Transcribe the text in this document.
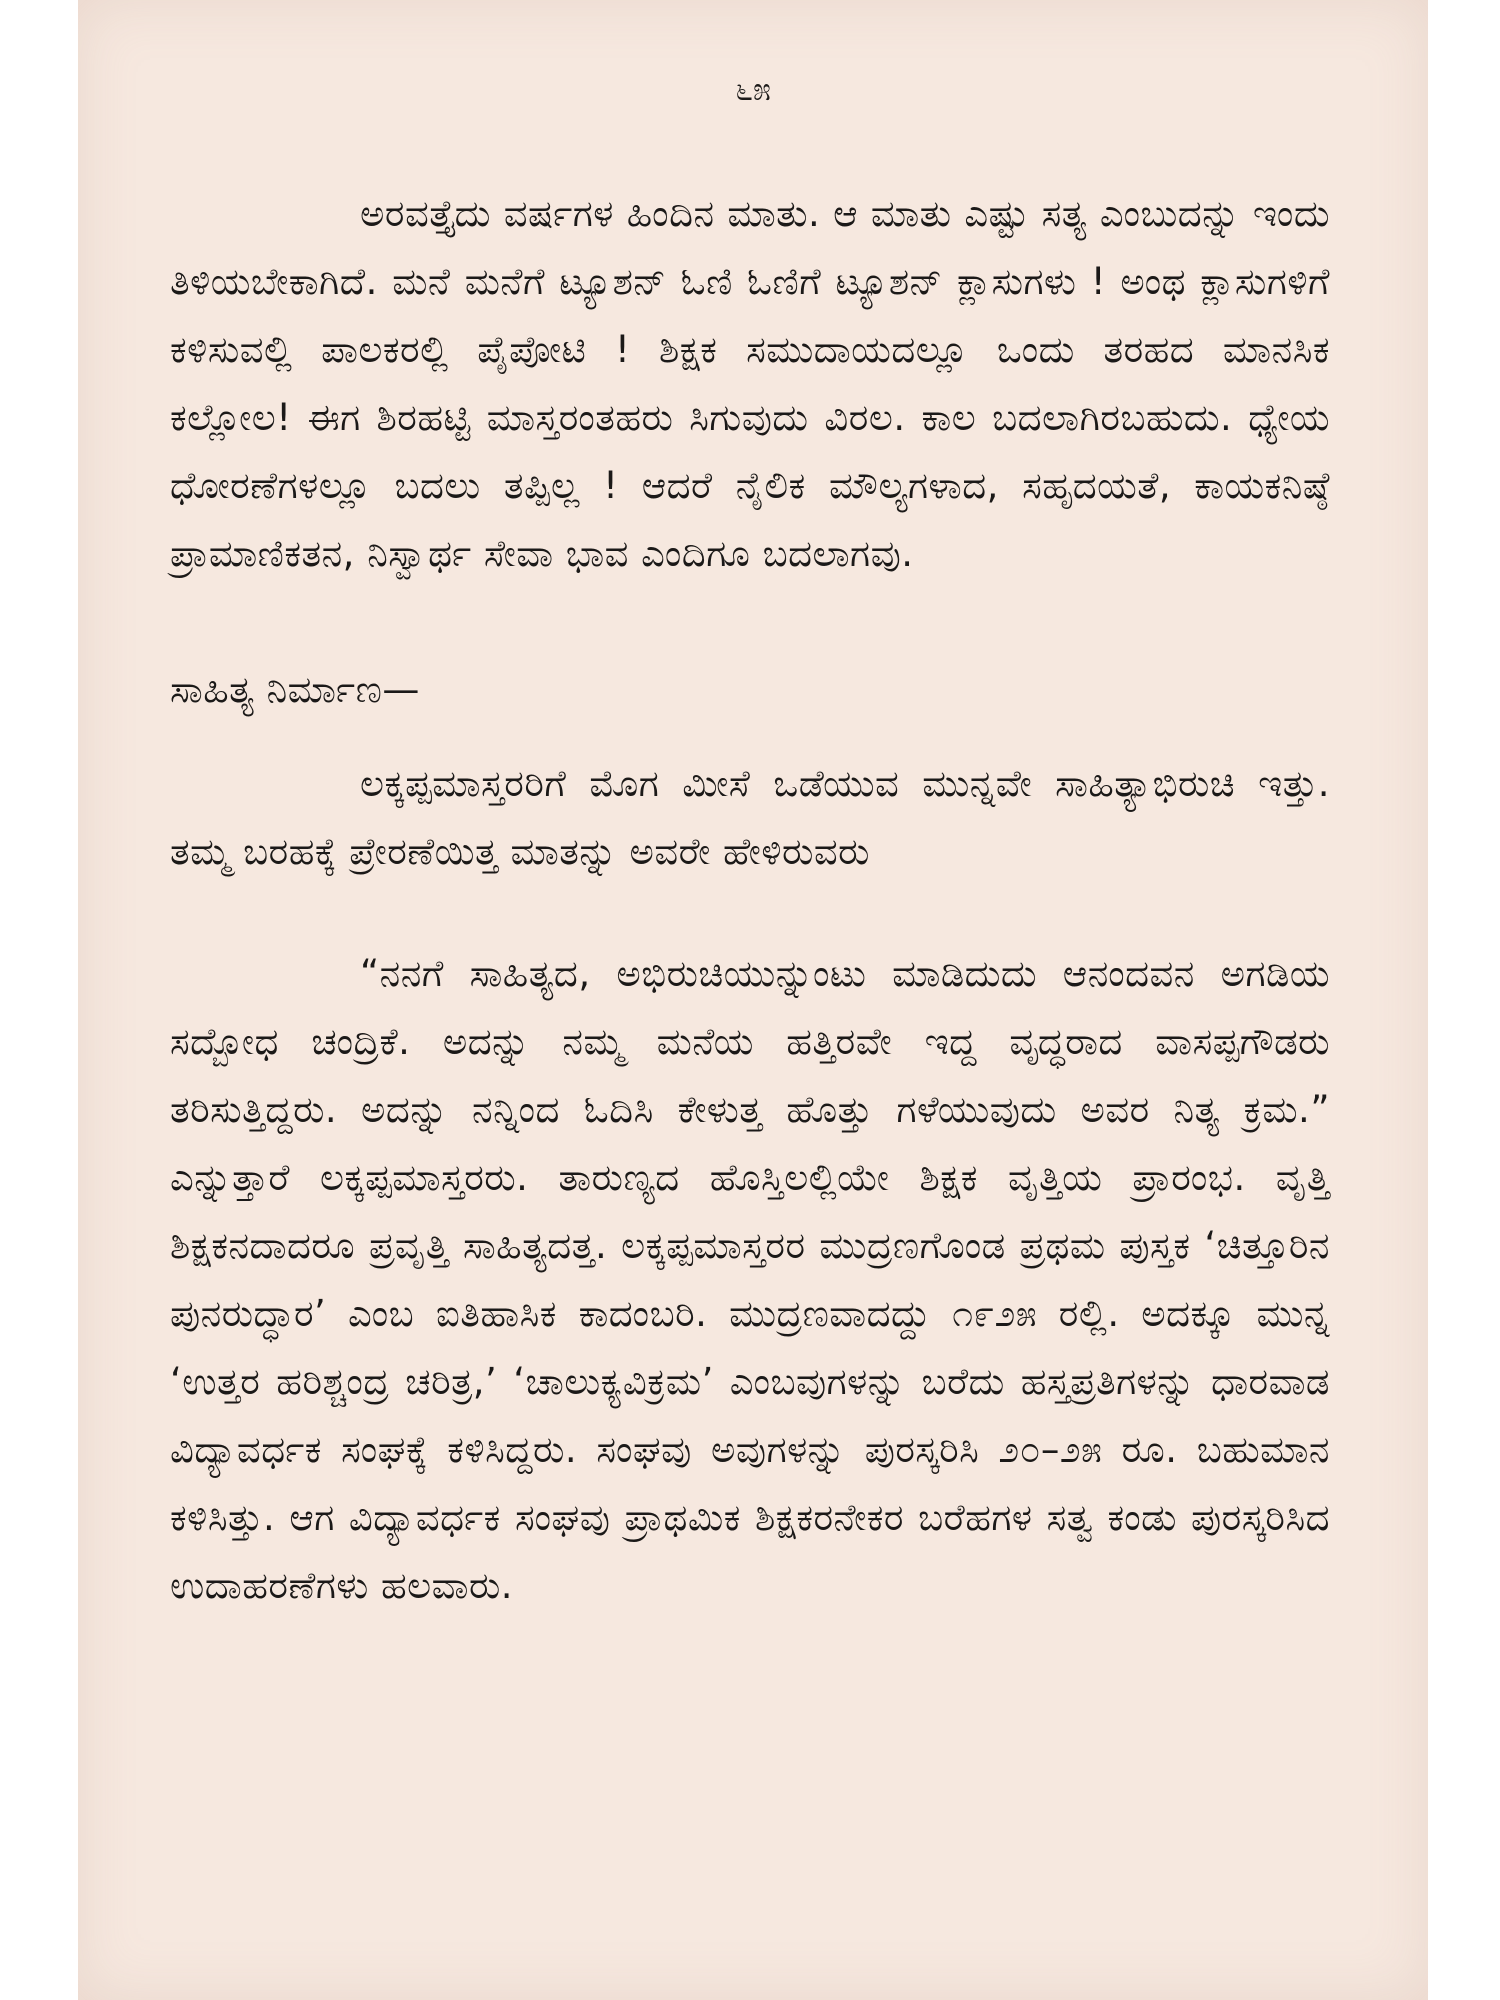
೬೫

ಅರವತ್ತೈದು ವರ್ಷಗಳ ಹಿಂದಿನ ಮಾತು. ಆ ಮಾತು ಎಷ್ಟು ಸತ್ಯ ಎಂಬುದನ್ನು ಇಂದು ತಿಳಿಯಬೇಕಾಗಿದೆ. ಮನೆ ಮನೆಗೆ ಟ್ಯೂಶನ್ ಓಣಿ ಓಣಿಗೆ ಟ್ಯೂಶನ್ ಕ್ಲಾಸುಗಳು ! ಅಂಥ ಕ್ಲಾಸುಗಳಿಗೆ ಕಳಿಸುವಲ್ಲಿ ಪಾಲಕರಲ್ಲಿ ಪೈಪೋಟಿ ! ಶಿಕ್ಷಕ ಸಮುದಾಯದಲ್ಲೂ ಒಂದು ತರಹದ ಮಾನಸಿಕ ಕಲ್ಲೋಲ! ಈಗ ಶಿರಹಟ್ಟಿ ಮಾಸ್ತರಂತಹರು ಸಿಗುವುದು ವಿರಲ. ಕಾಲ ಬದಲಾಗಿರಬಹುದು. ಧ್ಯೇಯ ಧೋರಣೆಗಳಲ್ಲೂ ಬದಲು ತಪ್ಪಿಲ್ಲ ! ಆದರೆ ನೈಲಿಕ ಮೌಲ್ಯಗಳಾದ, ಸಹೃದಯತೆ, ಕಾಯಕನಿಷ್ಠೆ ಪ್ರಾಮಾಣಿಕತನ, ನಿಸ್ವಾರ್ಥ ಸೇವಾ ಭಾವ ಎಂದಿಗೂ ಬದಲಾಗವು.

ಸಾಹಿತ್ಯ ನಿರ್ಮಾಣ—

ಲಕ್ಕಪ್ಪಮಾಸ್ತರರಿಗೆ ಮೊಗ ಮೀಸೆ ಒಡೆಯುವ ಮುನ್ನವೇ ಸಾಹಿತ್ಯಾಭಿರುಚಿ ಇತ್ತು. ತಮ್ಮ ಬರಹಕ್ಕೆ ಪ್ರೇರಣೆಯಿತ್ತ ಮಾತನ್ನು ಅವರೇ ಹೇಳಿರುವರು

“ನನಗೆ ಸಾಹಿತ್ಯದ, ಅಭಿರುಚಿಯುನ್ನುಂಟು ಮಾಡಿದುದು ಆನಂದವನ ಅಗಡಿಯ ಸದ್ಬೋಧ ಚಂದ್ರಿಕೆ. ಅದನ್ನು ನಮ್ಮ ಮನೆಯ ಹತ್ತಿರವೇ ಇದ್ದ ವೃದ್ಧರಾದ ವಾಸಪ್ಪಗೌಡರು ತರಿಸುತ್ತಿದ್ದರು. ಅದನ್ನು ನನ್ನಿಂದ ಓದಿಸಿ ಕೇಳುತ್ತ ಹೊತ್ತು ಗಳೆಯುವುದು ಅವರ ನಿತ್ಯ ಕ್ರಮ.” ಎನ್ನುತ್ತಾರೆ ಲಕ್ಕಪ್ಪಮಾಸ್ತರರು. ತಾರುಣ್ಯದ ಹೊಸ್ತಿಲಲ್ಲಿಯೇ ಶಿಕ್ಷಕ ವೃತ್ತಿಯ ಪ್ರಾರಂಭ. ವೃತ್ತಿ ಶಿಕ್ಷಕನದಾದರೂ ಪ್ರವೃತ್ತಿ ಸಾಹಿತ್ಯದತ್ತ. ಲಕ್ಕಪ್ಪಮಾಸ್ತರರ ಮುದ್ರಣಗೊಂಡ ಪ್ರಥಮ ಪುಸ್ತಕ ‘ಚಿತ್ತೂರಿನ ಪುನರುದ್ಧಾರ’ ಎಂಬ ಐತಿಹಾಸಿಕ ಕಾದಂಬರಿ. ಮುದ್ರಣವಾದದ್ದು ೧೯೨೫ ರಲ್ಲಿ. ಅದಕ್ಕೂ ಮುನ್ನ ‘ಉತ್ತರ ಹರಿಶ್ಚಂದ್ರ ಚರಿತ್ರ,’ ‘ಚಾಲುಕ್ಯವಿಕ್ರಮ’ ಎಂಬವುಗಳನ್ನು ಬರೆದು ಹಸ್ತಪ್ರತಿಗಳನ್ನು ಧಾರವಾಡ ವಿದ್ಯಾವರ್ಧಕ ಸಂಘಕ್ಕೆ ಕಳಿಸಿದ್ದರು. ಸಂಘವು ಅವುಗಳನ್ನು ಪುರಸ್ಕರಿಸಿ ೨೦–೨೫ ರೂ. ಬಹುಮಾನ ಕಳಿಸಿತ್ತು. ಆಗ ವಿದ್ಯಾವರ್ಧಕ ಸಂಘವು ಪ್ರಾಥಮಿಕ ಶಿಕ್ಷಕರನೇಕರ ಬರೆಹಗಳ ಸತ್ವ ಕಂಡು ಪುರಸ್ಕರಿಸಿದ ಉದಾಹರಣೆಗಳು ಹಲವಾರು.
